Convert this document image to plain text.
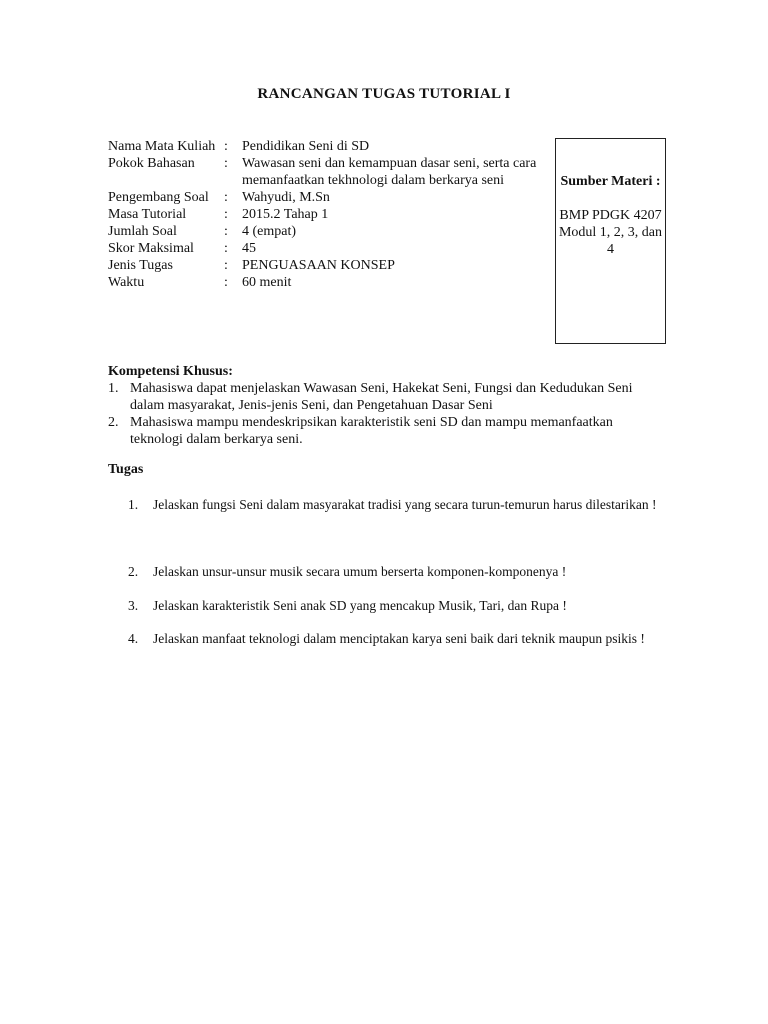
RANCANGAN TUGAS TUTORIAL I
Nama Mata Kuliah :	Pendidikan Seni di SD
Pokok Bahasan	:	Wawasan seni dan kemampuan dasar seni, serta cara memanfaatkan tekhnologi dalam berkarya seni
Pengembang Soal	:	Wahyudi, M.Sn
Masa Tutorial	:	2015.2 Tahap 1
Jumlah Soal	:	4 (empat)
Skor Maksimal	:	45
Jenis Tugas	:	PENGUASAAN KONSEP
Waktu	:	60 menit
Sumber Materi :
BMP PDGK 4207 Modul 1, 2, 3, dan 4
Kompetensi Khusus:
1. Mahasiswa dapat menjelaskan Wawasan Seni, Hakekat Seni, Fungsi dan Kedudukan Seni dalam masyarakat, Jenis-jenis Seni, dan Pengetahuan Dasar Seni
2. Mahasiswa mampu mendeskripsikan karakteristik seni SD dan mampu memanfaatkan teknologi dalam berkarya seni.
Tugas
1.	Jelaskan fungsi Seni dalam masyarakat tradisi yang secara turun-temurun harus dilestarikan !
2.	Jelaskan unsur-unsur musik secara umum berserta komponen-komponenya !
3.	Jelaskan karakteristik Seni anak SD yang mencakup Musik, Tari, dan Rupa !
4.	Jelaskan manfaat teknologi dalam menciptakan karya seni baik dari teknik maupun psikis !
